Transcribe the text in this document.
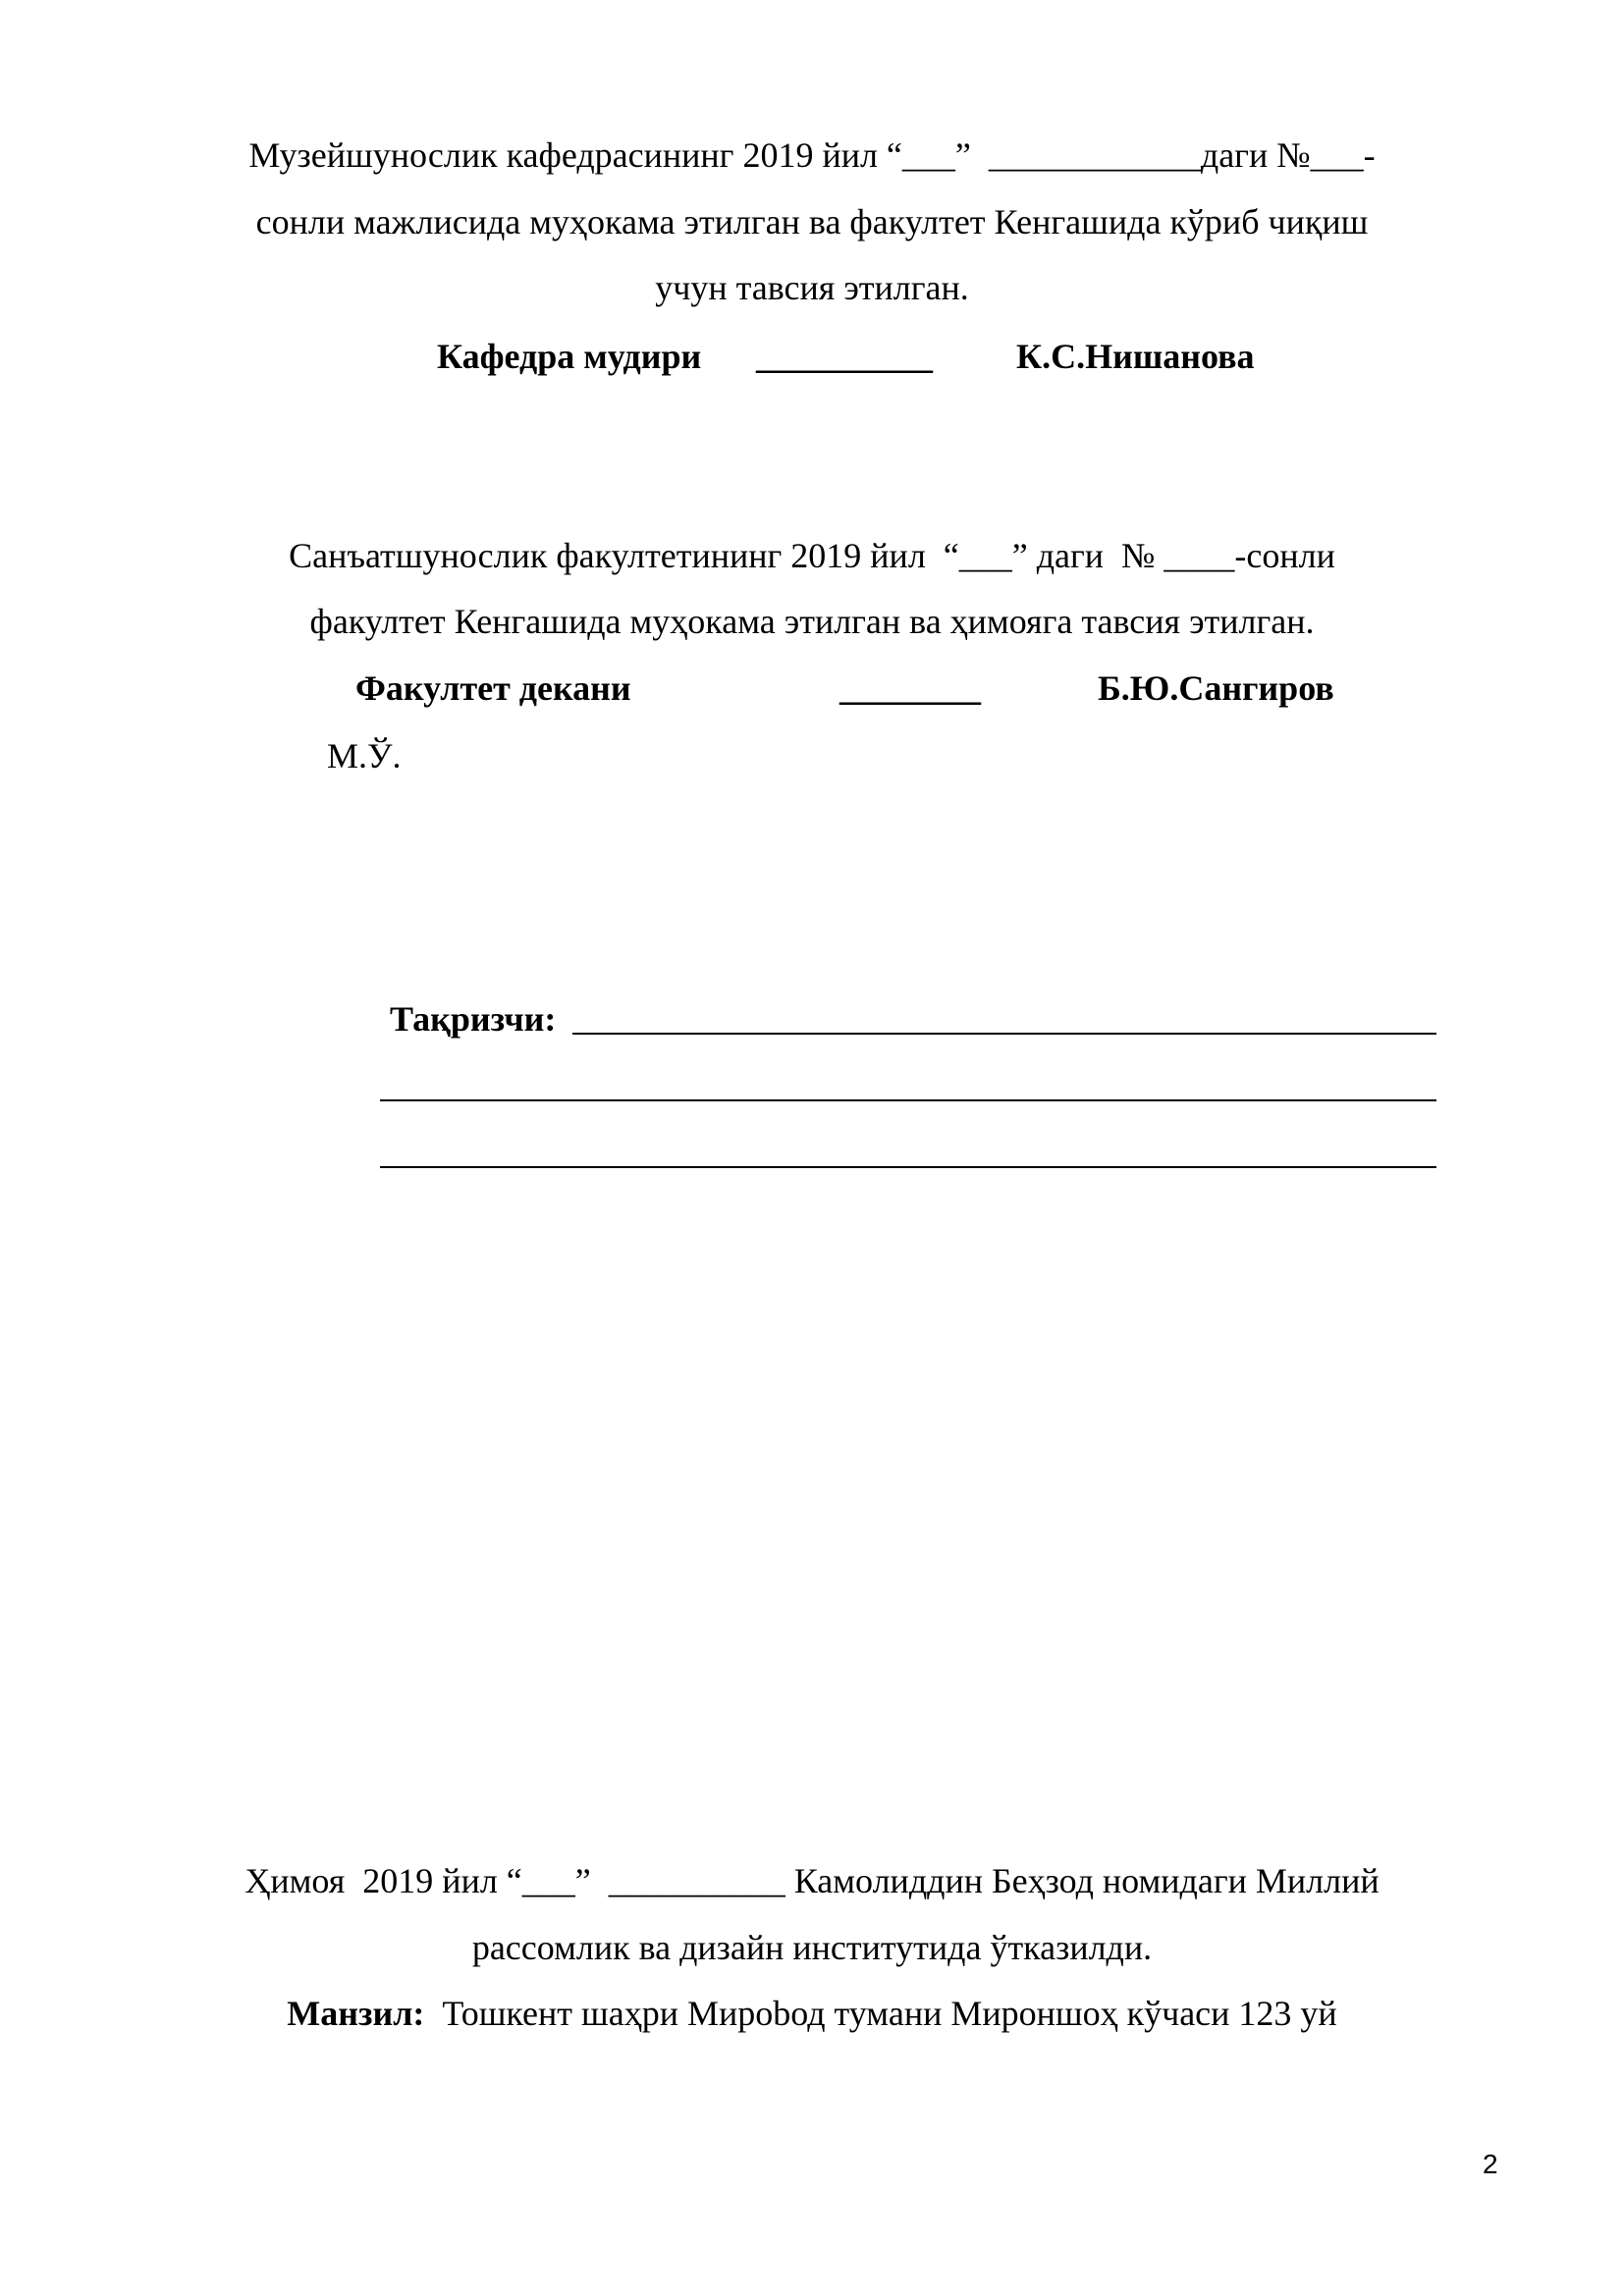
Музейшунослик кафедрасининг 2019 йил “___”  ____________даги №___-
сонли мажлисида муҳокама этилган ва факултет Кенгашида кўриб чиқиш
учун тавсия этилган.
Кафедра мудири __________ К.С.Нишанова
Санъатшунослик факултетининг 2019 йил  “___” даги  № ____-сонли
факултет Кенгашида муҳокама этилган ва ҳимояга тавсия этилган.
Факултет декани	________	Б.Ю.Сангиров
М.Ў.
Тақризчи:
Ҳимоя  2019 йил “___”  __________ Камолиддин Беҳзод номидаги Миллий
рассомлик ва дизайн институтида ўтказилди.
Манзил: Тошкент шаҳри Мирobод тумани Мироншоҳ кўчаси 123 уй
2
